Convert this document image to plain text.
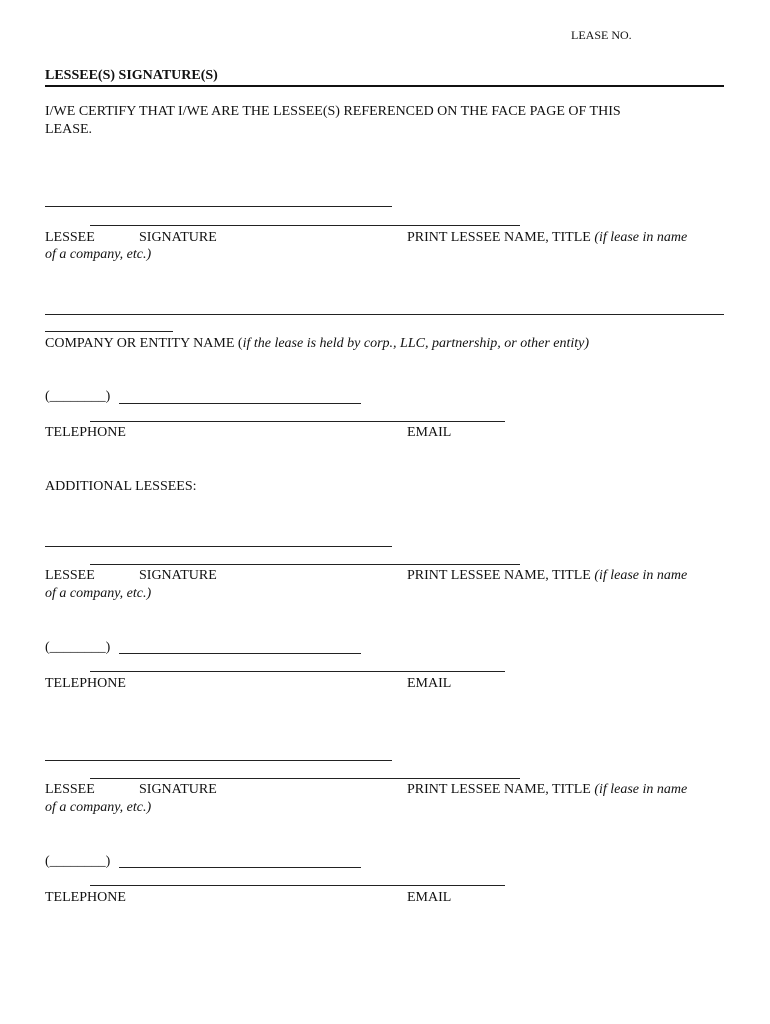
LEASE NO.
LESSEE(S) SIGNATURE(S)
I/WE CERTIFY THAT I/WE ARE THE LESSEE(S) REFERENCED ON THE FACE PAGE OF THIS
LEASE.
LESSEE	SIGNATURE	PRINT LESSEE NAME, TITLE (if lease in name
of a company, etc.)
COMPANY OR ENTITY NAME (if the lease is held by corp., LLC, partnership, or other entity)
(________)
TELEPHONE	EMAIL
ADDITIONAL LESSEES:
LESSEE	SIGNATURE	PRINT LESSEE NAME, TITLE (if lease in name
of a company, etc.)
(________)
TELEPHONE	EMAIL
LESSEE	SIGNATURE	PRINT LESSEE NAME, TITLE (if lease in name
of a company, etc.)
(________)
TELEPHONE	EMAIL
